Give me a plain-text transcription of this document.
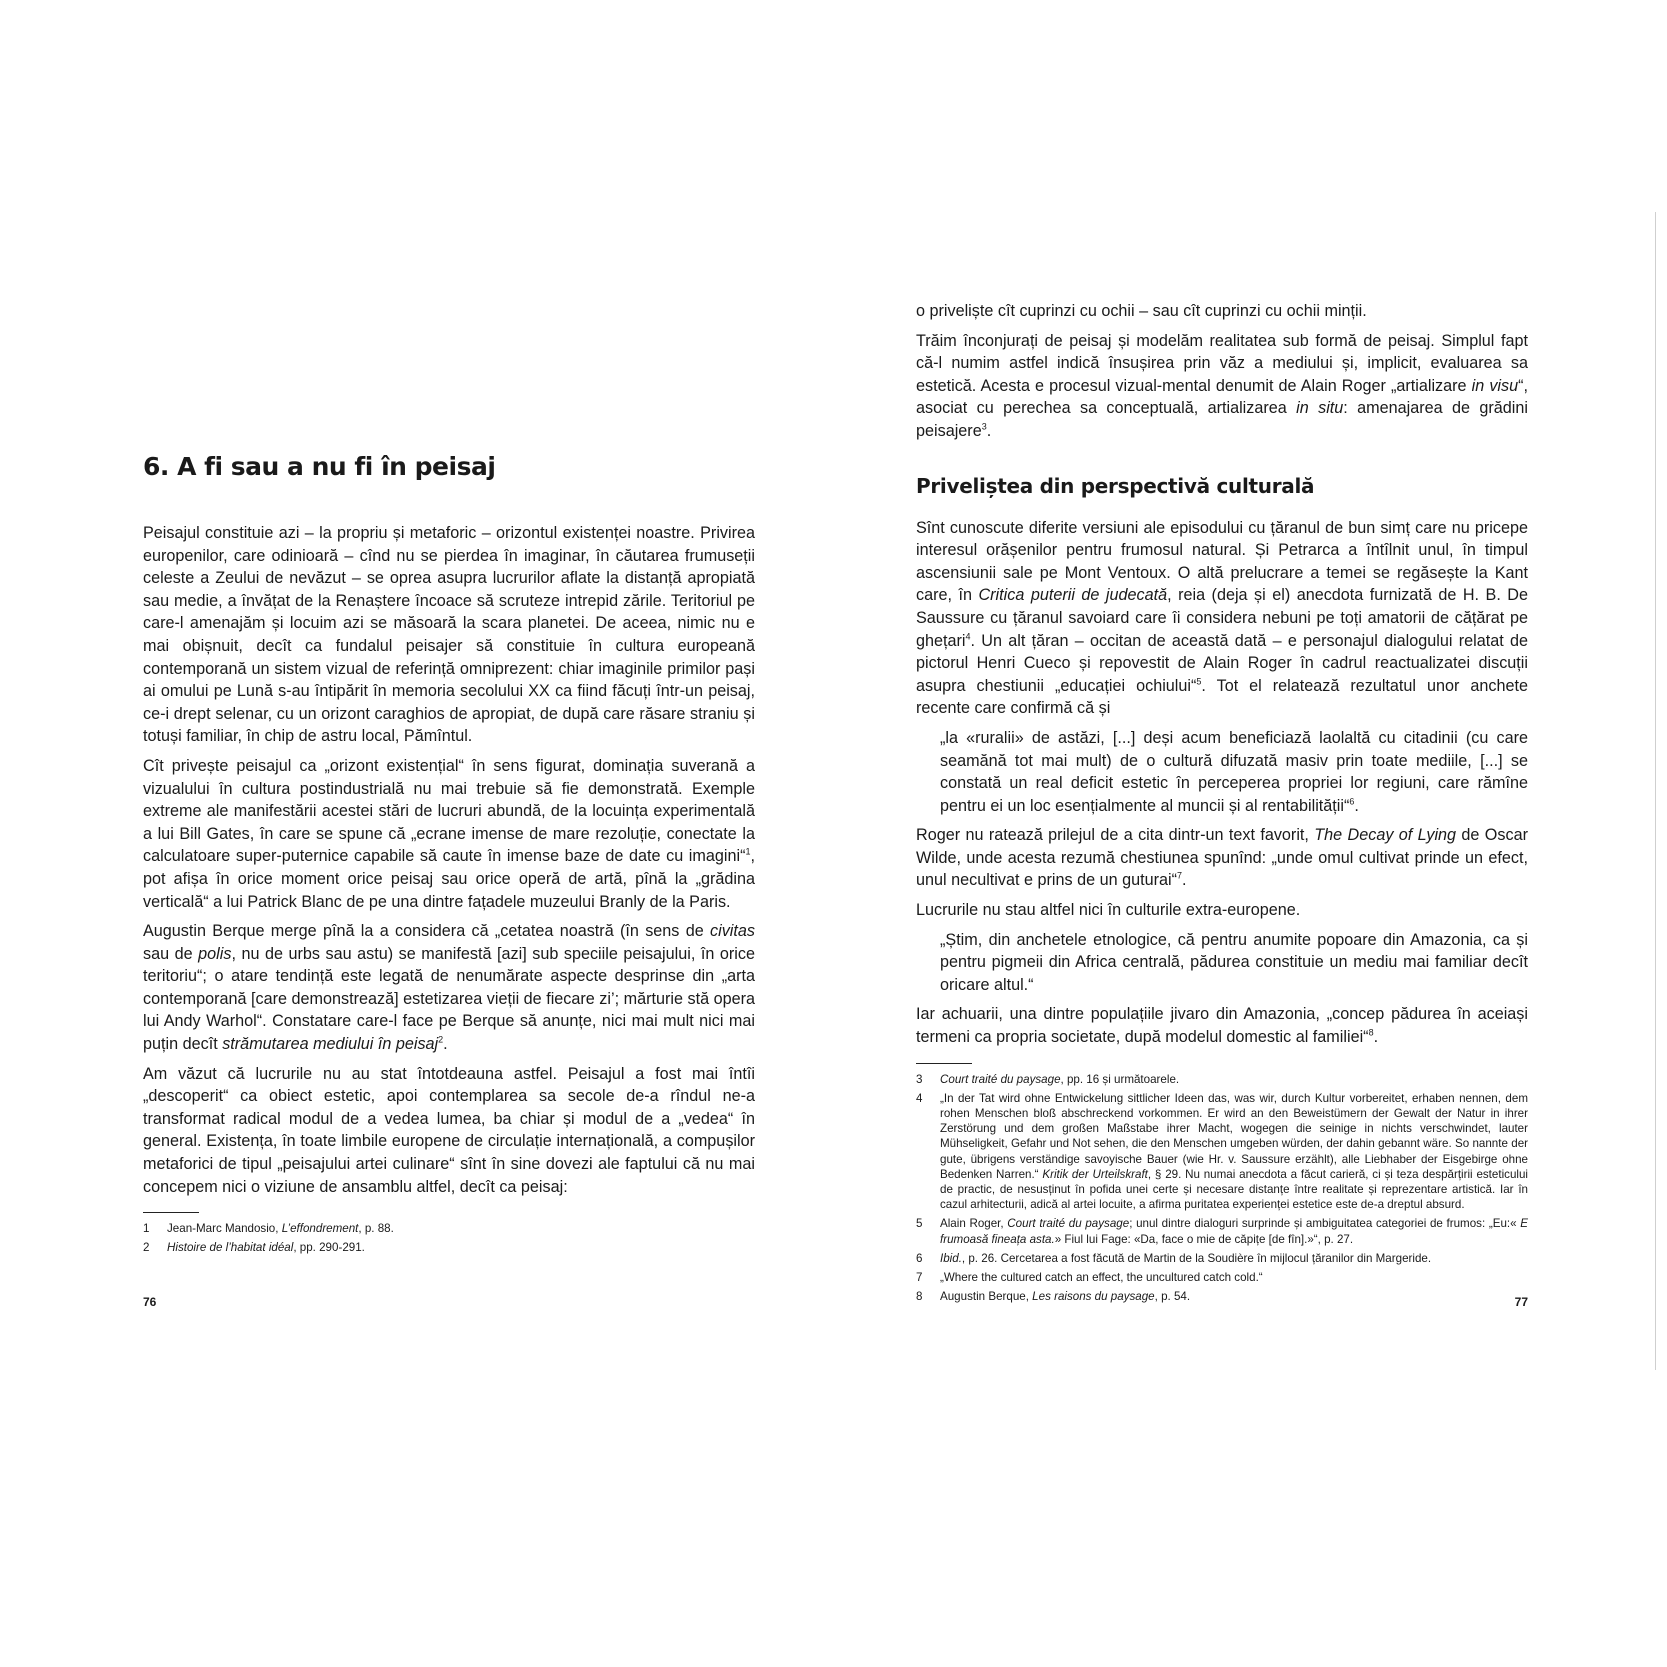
6. A fi sau a nu fi în peisaj

Peisajul constituie azi – la propriu și metaforic – orizontul existenței noastre. Privirea europenilor, care odinioară – cînd nu se pierdea în imaginar, în căutarea frumuseții celeste a Zeului de nevăzut – se oprea asupra lucrurilor aflate la distanță apropiată sau medie, a învățat de la Renaștere încoace să scruteze intrepid zările. Teritoriul pe care-l amenajăm și locuim azi se măsoară la scara planetei. De aceea, nimic nu e mai obișnuit, decît ca fundalul peisajer să constituie în cultura europeană contemporană un sistem vizual de referință omniprezent: chiar imaginile primilor pași ai omului pe Lună s-au întipărit în memoria secolului XX ca fiind făcuți într-un peisaj, ce-i drept selenar, cu un orizont caraghios de apropiat, de după care răsare straniu și totuși familiar, în chip de astru local, Pămîntul.

Cît privește peisajul ca „orizont existențial“ în sens figurat, dominația suverană a vizualului în cultura postindustrială nu mai trebuie să fie demonstrată. Exemple extreme ale manifestării acestei stări de lucruri abundă, de la locuința experimentală a lui Bill Gates, în care se spune că „ecrane imense de mare rezoluție, conectate la calculatoare super-puternice capabile să caute în imense baze de date cu imagini“$^1$, pot afișa în orice moment orice peisaj sau orice operă de artă, pînă la „grădina verticală“ a lui Patrick Blanc de pe una dintre fațadele muzeului Branly de la Paris.

Augustin Berque merge pînă la a considera că „cetatea noastră (în sens de civitas sau de polis, nu de urbs sau astu) se manifestă [azi] sub speciile peisajului, în orice teritoriu“; o atare tendință este legată de nenumărate aspecte desprinse din „arta contemporană [care demonstrează] estetizarea vieții de fiecare zi’; mărturie stă opera lui Andy Warhol“. Constatare care-l face pe Berque să anunțe, nici mai mult nici mai puțin decît strămutarea mediului în peisaj$^2$.

Am văzut că lucrurile nu au stat întotdeauna astfel. Peisajul a fost mai întîi „descoperit“ ca obiect estetic, apoi contemplarea sa secole de-a rîndul ne-a transformat radical modul de a vedea lumea, ba chiar și modul de a „vedea“ în general. Existența, în toate limbile europene de circulație internațională, a compușilor metaforici de tipul „peisajului artei culinare“ sînt în sine dovezi ale faptului că nu mai concepem nici o viziune de ansamblu altfel, decît ca peisaj:

1	Jean-Marc Mandosio, L’effondrement, p. 88.
2	Histoire de l’habitat idéal, pp. 290-291.
76

o priveliște cît cuprinzi cu ochii – sau cît cuprinzi cu ochii minții.

Trăim înconjurați de peisaj și modelăm realitatea sub formă de peisaj. Simplul fapt că-l numim astfel indică însușirea prin văz a mediului și, implicit, evaluarea sa estetică. Acesta e procesul vizual-mental denumit de Alain Roger „artializare in visu“, asociat cu perechea sa conceptuală, artializarea in situ: amenajarea de grădini peisajere$^3$.

Priveliștea din perspectivă culturală

Sînt cunoscute diferite versiuni ale episodului cu țăranul de bun simț care nu pricepe interesul orășenilor pentru frumosul natural. Și Petrarca a întîlnit unul, în timpul ascensiunii sale pe Mont Ventoux. O altă prelucrare a temei se regăsește la Kant care, în Critica puterii de judecată, reia (deja și el) anecdota furnizată de H. B. De Saussure cu țăranul savoiard care îi considera nebuni pe toți amatorii de cățărat pe ghețari$^4$. Un alt țăran – occitan de această dată – e personajul dialogului relatat de pictorul Henri Cueco și repovestit de Alain Roger în cadrul reactualizatei discuții asupra chestiunii „educației ochiului“$^5$. Tot el relatează rezultatul unor anchete recente care confirmă că și

„la «ruralii» de astăzi, [...] deși acum beneficiază laolaltă cu citadinii (cu care seamănă tot mai mult) de o cultură difuzată masiv prin toate mediile, [...] se constată un real deficit estetic în perceperea propriei lor regiuni, care rămîne pentru ei un loc esențialmente al muncii și al rentabilității“$^6$.

Roger nu ratează prilejul de a cita dintr-un text favorit, The Decay of Lying de Oscar Wilde, unde acesta rezumă chestiunea spunînd: „unde omul cultivat prinde un efect, unul necultivat e prins de un guturai“$^7$.

Lucrurile nu stau altfel nici în culturile extra-europene.

„Știm, din anchetele etnologice, că pentru anumite popoare din Amazonia, ca și pentru pigmeii din Africa centrală, pădurea constituie un mediu mai familiar decît oricare altul.“

Iar achuarii, una dintre populațiile jivaro din Amazonia, „concep pădurea în aceiași termeni ca propria societate, după modelul domestic al familiei“$^8$.

3	Court traité du paysage, pp. 16 și următoarele.
4	„In der Tat wird ohne Entwickelung sittlicher Ideen das, was wir, durch Kultur vorbereitet, erhaben nennen, dem rohen Menschen bloß abschreckend vorkommen. Er wird an den Beweistümern der Gewalt der Natur in ihrer Zerstörung und dem großen Maßstabe ihrer Macht, wogegen die seinige in nichts verschwindet, lauter Mühseligkeit, Gefahr und Not sehen, die den Menschen umgeben würden, der dahin gebannt wäre. So nannte der gute, übrigens verständige savoyische Bauer (wie Hr. v. Saussure erzählt), alle Liebhaber der Eisgebirge ohne Bedenken Narren.“ Kritik der Urteilskraft, § 29. Nu numai anecdota a făcut carieră, ci și teza despărțirii esteticului de practic, de nesusținut în pofida unei certe și necesare distanțe între realitate și reprezentare artistică. Iar în cazul arhitecturii, adică al artei locuite, a afirma puritatea experienței estetice este de-a dreptul absurd.
5	Alain Roger, Court traité du paysage; unul dintre dialoguri surprinde și ambiguitatea categoriei de frumos: „Eu:« E frumoasă fineața asta.» Fiul lui Fage: «Da, face o mie de căpițe [de fîn].»“, p. 27.
6	Ibid., p. 26. Cercetarea a fost făcută de Martin de la Soudière în mijlocul țăranilor din Margeride.
7	„Where the cultured catch an effect, the uncultured catch cold.“
8	Augustin Berque, Les raisons du paysage, p. 54.	77
